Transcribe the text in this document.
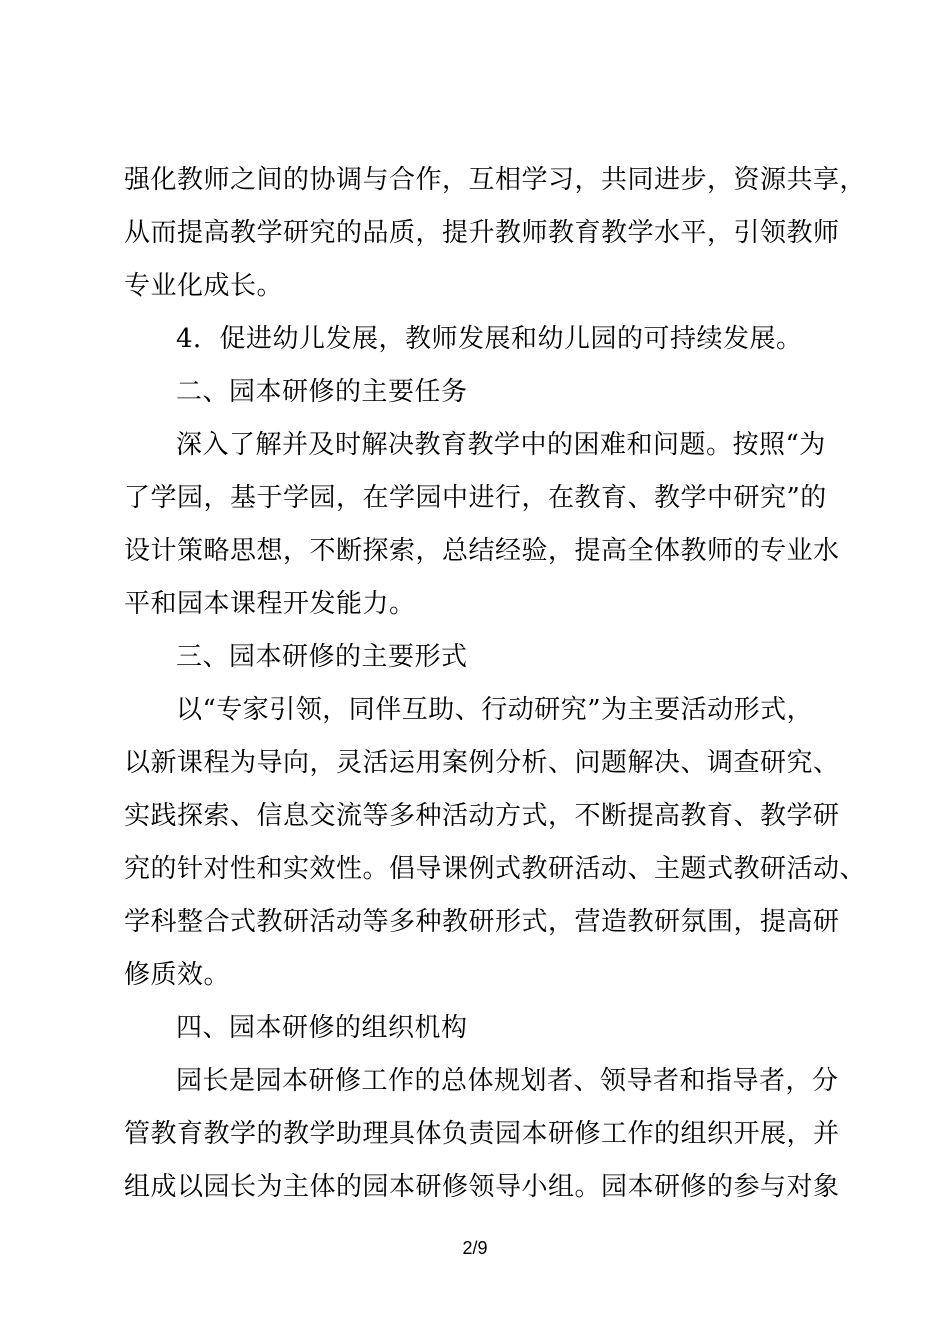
强化教师之间的协调与合作，互相学习，共同进步，资源共享，
从而提高教学研究的品质，提升教师教育教学水平，引领教师
专业化成长。
4．促进幼儿发展，教师发展和幼儿园的可持续发展。
二、园本研修的主要任务
深入了解并及时解决教育教学中的困难和问题。按照“为
了学园，基于学园，在学园中进行，在教育、教学中研究”的
设计策略思想，不断探索，总结经验，提高全体教师的专业水
平和园本课程开发能力。
三、园本研修的主要形式
以“专家引领，同伴互助、行动研究”为主要活动形式，
以新课程为导向，灵活运用案例分析、问题解决、调查研究、
实践探索、信息交流等多种活动方式，不断提高教育、教学研
究的针对性和实效性。倡导课例式教研活动、主题式教研活动、
学科整合式教研活动等多种教研形式，营造教研氛围，提高研
修质效。
四、园本研修的组织机构
园长是园本研修工作的总体规划者、领导者和指导者，分
管教育教学的教学助理具体负责园本研修工作的组织开展，并
组成以园长为主体的园本研修领导小组。园本研修的参与对象
2/9
